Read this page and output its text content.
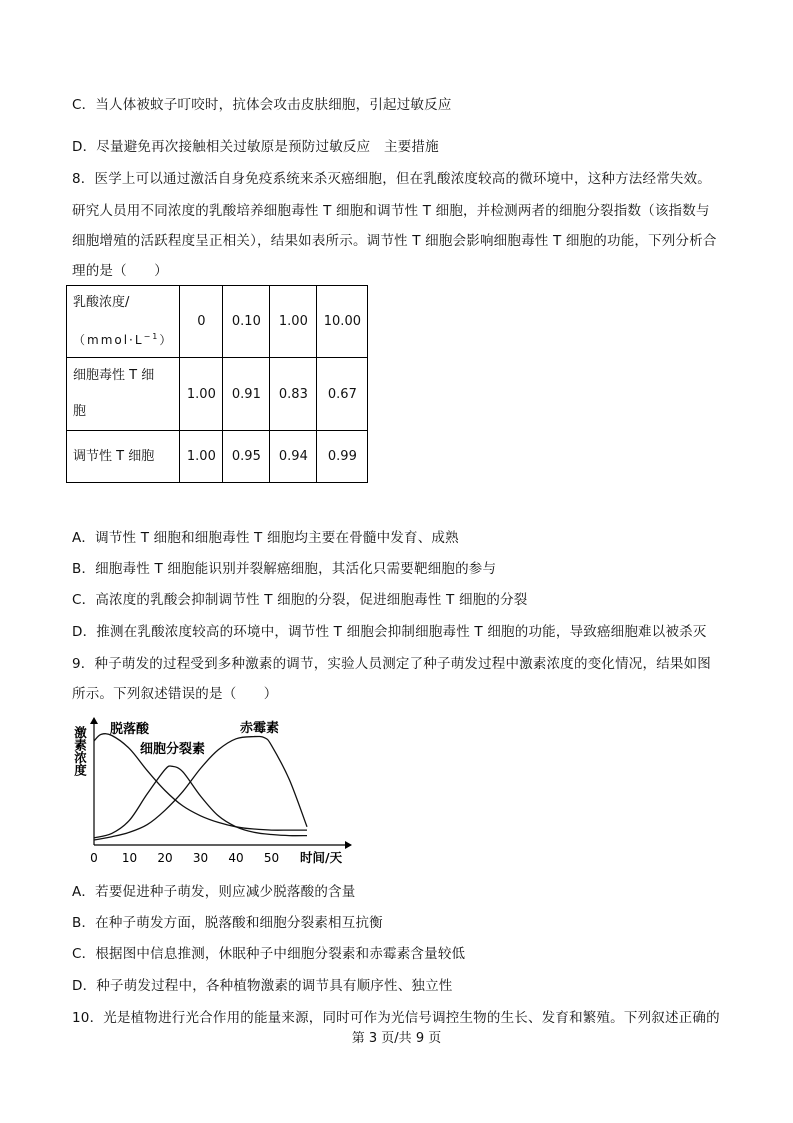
C．当人体被蚊子叮咬时，抗体会攻击皮肤细胞，引起过敏反应
D．尽量避免再次接触相关过敏原是预防过敏反应　主要措施
8．医学上可以通过激活自身免疫系统来杀灭癌细胞，但在乳酸浓度较高的微环境中，这种方法经常失效。
研究人员用不同浓度的乳酸培养细胞毒性 T 细胞和调节性 T 细胞，并检测两者的细胞分裂指数（该指数与
细胞增殖的活跃程度呈正相关），结果如表所示。调节性 T 细胞会影响细胞毒性 T 细胞的功能，下列分析合
理的是（　　）
乳酸浓度/
$(mmol\cdot L^{-1})$	0	0.10	1.00	10.00

细胞毒性 T 细
胞	1.00	0.91	0.83	0.67
调节性 T 细胞	1.00	0.95	0.94	0.99
A．调节性 T 细胞和细胞毒性 T 细胞均主要在骨髓中发育、成熟
B．细胞毒性 T 细胞能识别并裂解癌细胞，其活化只需要靶细胞的参与
C．高浓度的乳酸会抑制调节性 T 细胞的分裂，促进细胞毒性 T 细胞的分裂
D．推测在乳酸浓度较高的环境中，调节性 T 细胞会抑制细胞毒性 T 细胞的功能，导致癌细胞难以被杀灭
9．种子萌发的过程受到多种激素的调节，实验人员测定了种子萌发过程中激素浓度的变化情况，结果如图
所示。下列叙述错误的是（　　）
激素浓度
0 10 20 30 40 50 时间/天
脱落酸
细胞分裂素
赤霉素
A．若要促进种子萌发，则应减少脱落酸的含量
B．在种子萌发方面，脱落酸和细胞分裂素相互抗衡
C．根据图中信息推测，休眠种子中细胞分裂素和赤霉素含量较低
D．种子萌发过程中，各种植物激素的调节具有顺序性、独立性
10．光是植物进行光合作用的能量来源，同时可作为光信号调控生物的生长、发育和繁殖。下列叙述正确的
第 3 页/共 9 页
